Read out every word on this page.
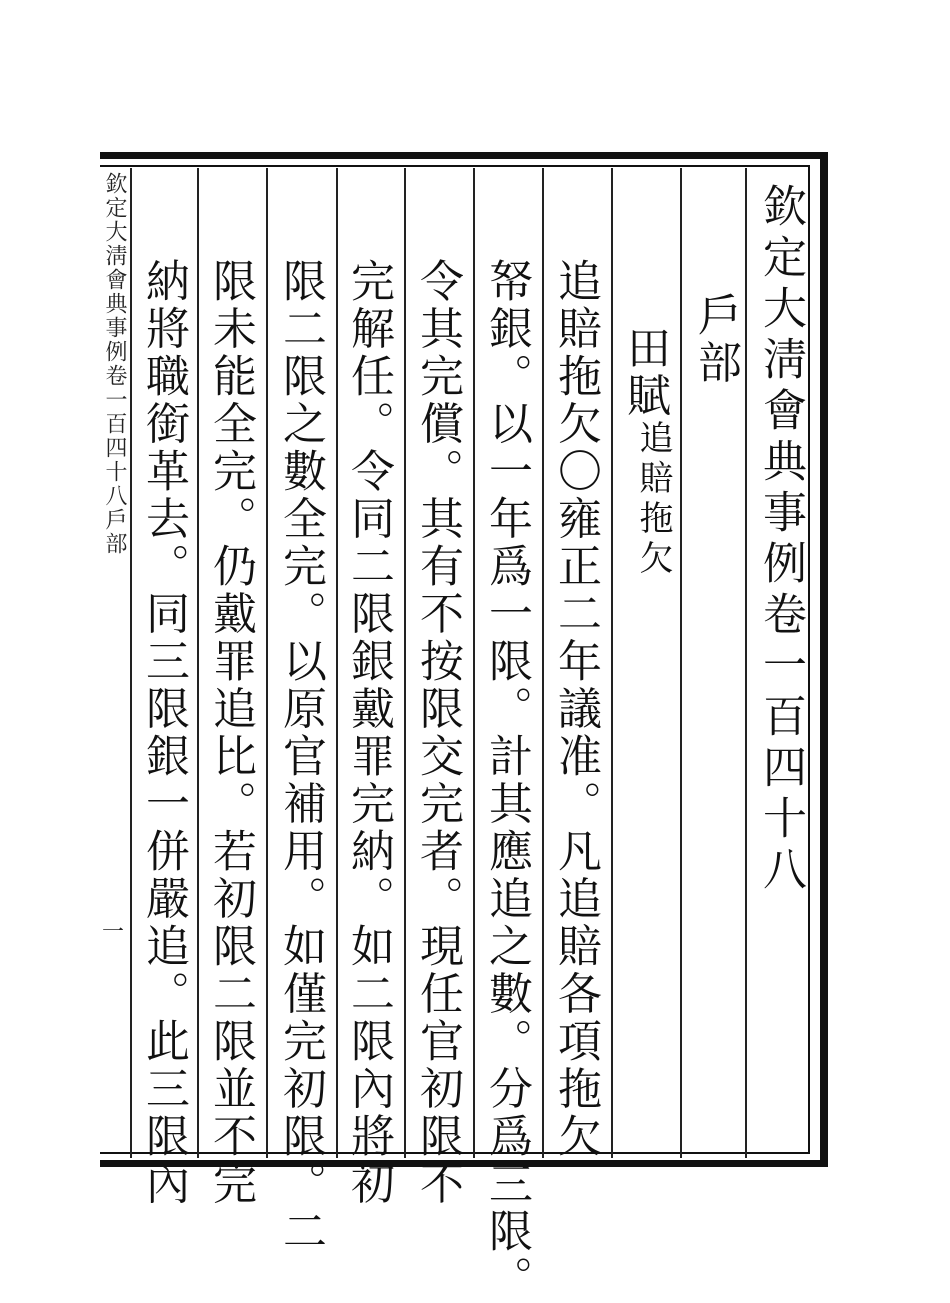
欽定大淸會典事例卷一百四十八戶部
一
欽定大淸會典事例卷一百四十八
戶部
田賦
追賠拖欠
追賠拖欠〇雍正二年議准。凡追賠各項拖欠
帑銀。以一年爲一限。計其應追之數。分爲三限。
令其完償。其有不按限交完者。現任官初限不
完解任。令同二限銀戴罪完納。如二限內將初
限二限之數全完。以原官補用。如僅完初限。二
限未能全完。仍戴罪追比。若初限二限並不完
納將職銜革去。同三限銀一併嚴追。此三限內
